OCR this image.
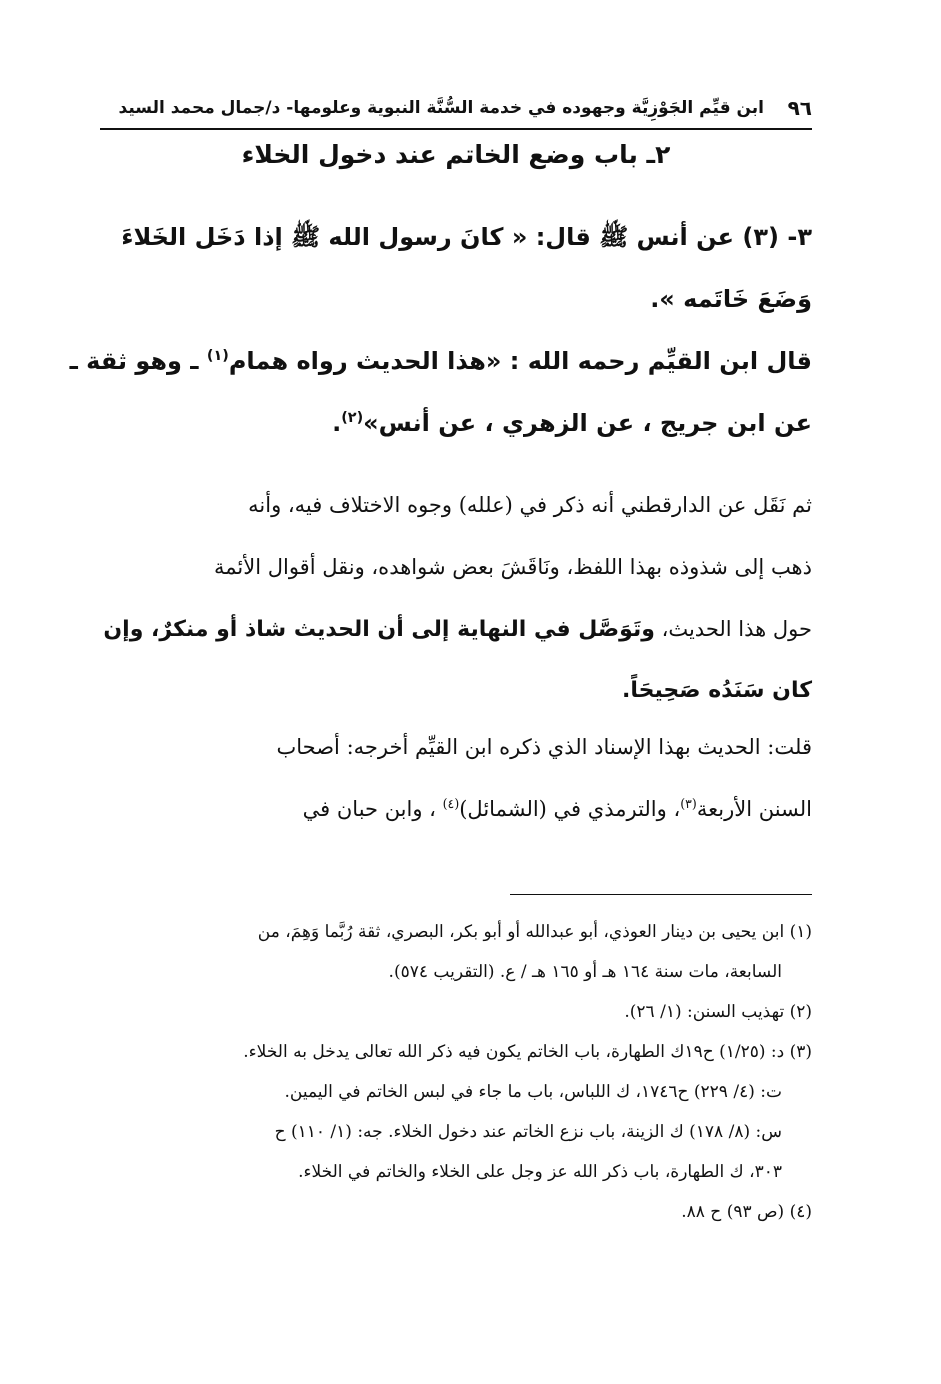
٩٦
ابن قيِّم الجَوْزِيَّة وجهوده في خدمة السُّنَّة النبوية وعلومها- د/جمال محمد السيد
٢ـ باب وضع الخاتم عند دخول الخلاء
٣- (٣) عن أنس ﷺ قال: « كانَ رسول الله ﷺ إذا دَخَل الخَلاءَ
وَضَعَ خَاتَمه ».
قال ابن القيِّم رحمه الله : «هذا الحديث رواه همام$^{(١)}$ ـ وهو ثقة ـ
عن ابن جريج ، عن الزهري ، عن أنس»$^{(٢)}$.
ثم نَقَل عن الدارقطني أنه ذكر في (علله) وجوه الاختلاف فيه، وأنه
ذهب إلى شذوذه بهذا اللفظ، ونَاقَشَ بعض شواهده، ونقل أقوال الأئمة
حول هذا الحديث، وتَوَصَّل في النهاية إلى أن الحديث شاذ أو منكرٌ، وإن
كان سَنَدُه صَحِيحَاً.
قلت: الحديث بهذا الإسناد الذي ذكره ابن القيِّم أخرجه: أصحاب
السنن الأربعة$^{(٣)}$، والترمذي في (الشمائل)$^{(٤)}$ ، وابن حبان في
(١) ابن يحيى بن دينار العوذي، أبو عبدالله أو أبو بكر، البصري، ثقة رُبَّما وَهِمَ، من
السابعة، مات سنة ١٦٤ هـ أو ١٦٥ هـ / ع. (التقريب ٥٧٤).
(٢) تهذيب السنن: (١/ ٢٦).
(٣) د: (١/٢٥) ح١٩ك الطهارة، باب الخاتم يكون فيه ذكر الله تعالى يدخل به الخلاء.
ت: (٤/ ٢٢٩) ح١٧٤٦، ك اللباس، باب ما جاء في لبس الخاتم في اليمين.
س: (٨/ ١٧٨) ك الزينة، باب نزع الخاتم عند دخول الخلاء. جه: (١/ ١١٠) ح
٣٠٣، ك الطهارة، باب ذكر الله عز وجل على الخلاء والخاتم في الخلاء.
(٤) (ص ٩٣) ح ٨٨.
